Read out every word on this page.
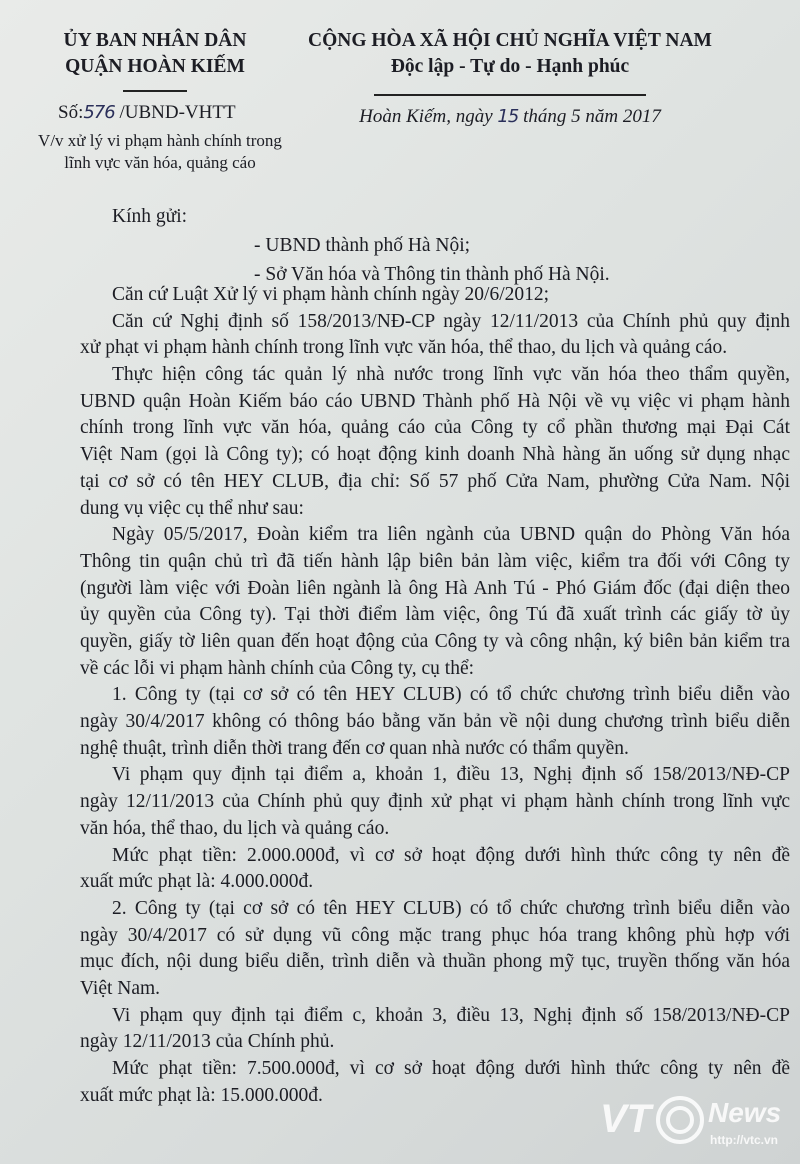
ỦY BAN NHÂN DÂN
QUẬN HOÀN KIẾM
CỘNG HÒA XÃ HỘI CHỦ NGHĨA VIỆT NAM
Độc lập - Tự do - Hạnh phúc
Số:576 /UBND-VHTT
V/v xử lý vi phạm hành chính trong
lĩnh vực văn hóa, quảng cáo
Hoàn Kiếm, ngày 15 tháng 5 năm 2017
Kính gửi:
- UBND thành phố Hà Nội;
- Sở Văn hóa và Thông tin thành phố Hà Nội.
Căn cứ Luật Xử lý vi phạm hành chính ngày 20/6/2012;
Căn cứ Nghị định số 158/2013/NĐ-CP ngày 12/11/2013 của Chính phủ quy định
xử phạt vi phạm hành chính trong lĩnh vực văn hóa, thể thao, du lịch và quảng cáo.
Thực hiện công tác quản lý nhà nước trong lĩnh vực văn hóa theo thẩm quyền,
UBND quận Hoàn Kiếm báo cáo UBND Thành phố Hà Nội về vụ việc vi phạm hành
chính trong lĩnh vực văn hóa, quảng cáo của Công ty cổ phần thương mại Đại Cát
Việt Nam (gọi là Công ty); có hoạt động kinh doanh Nhà hàng ăn uống sử dụng nhạc
tại cơ sở có tên HEY CLUB, địa chỉ: Số 57 phố Cửa Nam, phường Cửa Nam. Nội
dung vụ việc cụ thể như sau:
Ngày 05/5/2017, Đoàn kiểm tra liên ngành của UBND quận do Phòng Văn hóa
Thông tin quận chủ trì đã tiến hành lập biên bản làm việc, kiểm tra đối với Công ty
(người làm việc với Đoàn liên ngành là ông Hà Anh Tú - Phó Giám đốc (đại diện theo
ủy quyền của Công ty). Tại thời điểm làm việc, ông Tú đã xuất trình các giấy tờ ủy
quyền, giấy tờ liên quan đến hoạt động của Công ty và công nhận, ký biên bản kiểm tra
về các lỗi vi phạm hành chính của Công ty, cụ thể:
1. Công ty (tại cơ sở có tên HEY CLUB) có tổ chức chương trình biểu diễn vào
ngày 30/4/2017 không có thông báo bằng văn bản về nội dung chương trình biểu diễn
nghệ thuật, trình diễn thời trang đến cơ quan nhà nước có thẩm quyền.
Vi phạm quy định tại điểm a, khoản 1, điều 13, Nghị định số 158/2013/NĐ-CP
ngày 12/11/2013 của Chính phủ quy định xử phạt vi phạm hành chính trong lĩnh vực
văn hóa, thể thao, du lịch và quảng cáo.
Mức phạt tiền: 2.000.000đ, vì cơ sở hoạt động dưới hình thức công ty nên đề
xuất mức phạt là: 4.000.000đ.
2. Công ty (tại cơ sở có tên HEY CLUB) có tổ chức chương trình biểu diễn vào
ngày 30/4/2017 có sử dụng vũ công mặc trang phục hóa trang không phù hợp với
mục đích, nội dung biểu diễn, trình diễn và thuần phong mỹ tục, truyền thống văn hóa
Việt Nam.
Vi phạm quy định tại điểm c, khoản 3, điều 13, Nghị định số 158/2013/NĐ-CP
ngày 12/11/2013 của Chính phủ.
Mức phạt tiền: 7.500.000đ, vì cơ sở hoạt động dưới hình thức công ty nên đề
xuất mức phạt là: 15.000.000đ.
VT News
http://vtc.vn
